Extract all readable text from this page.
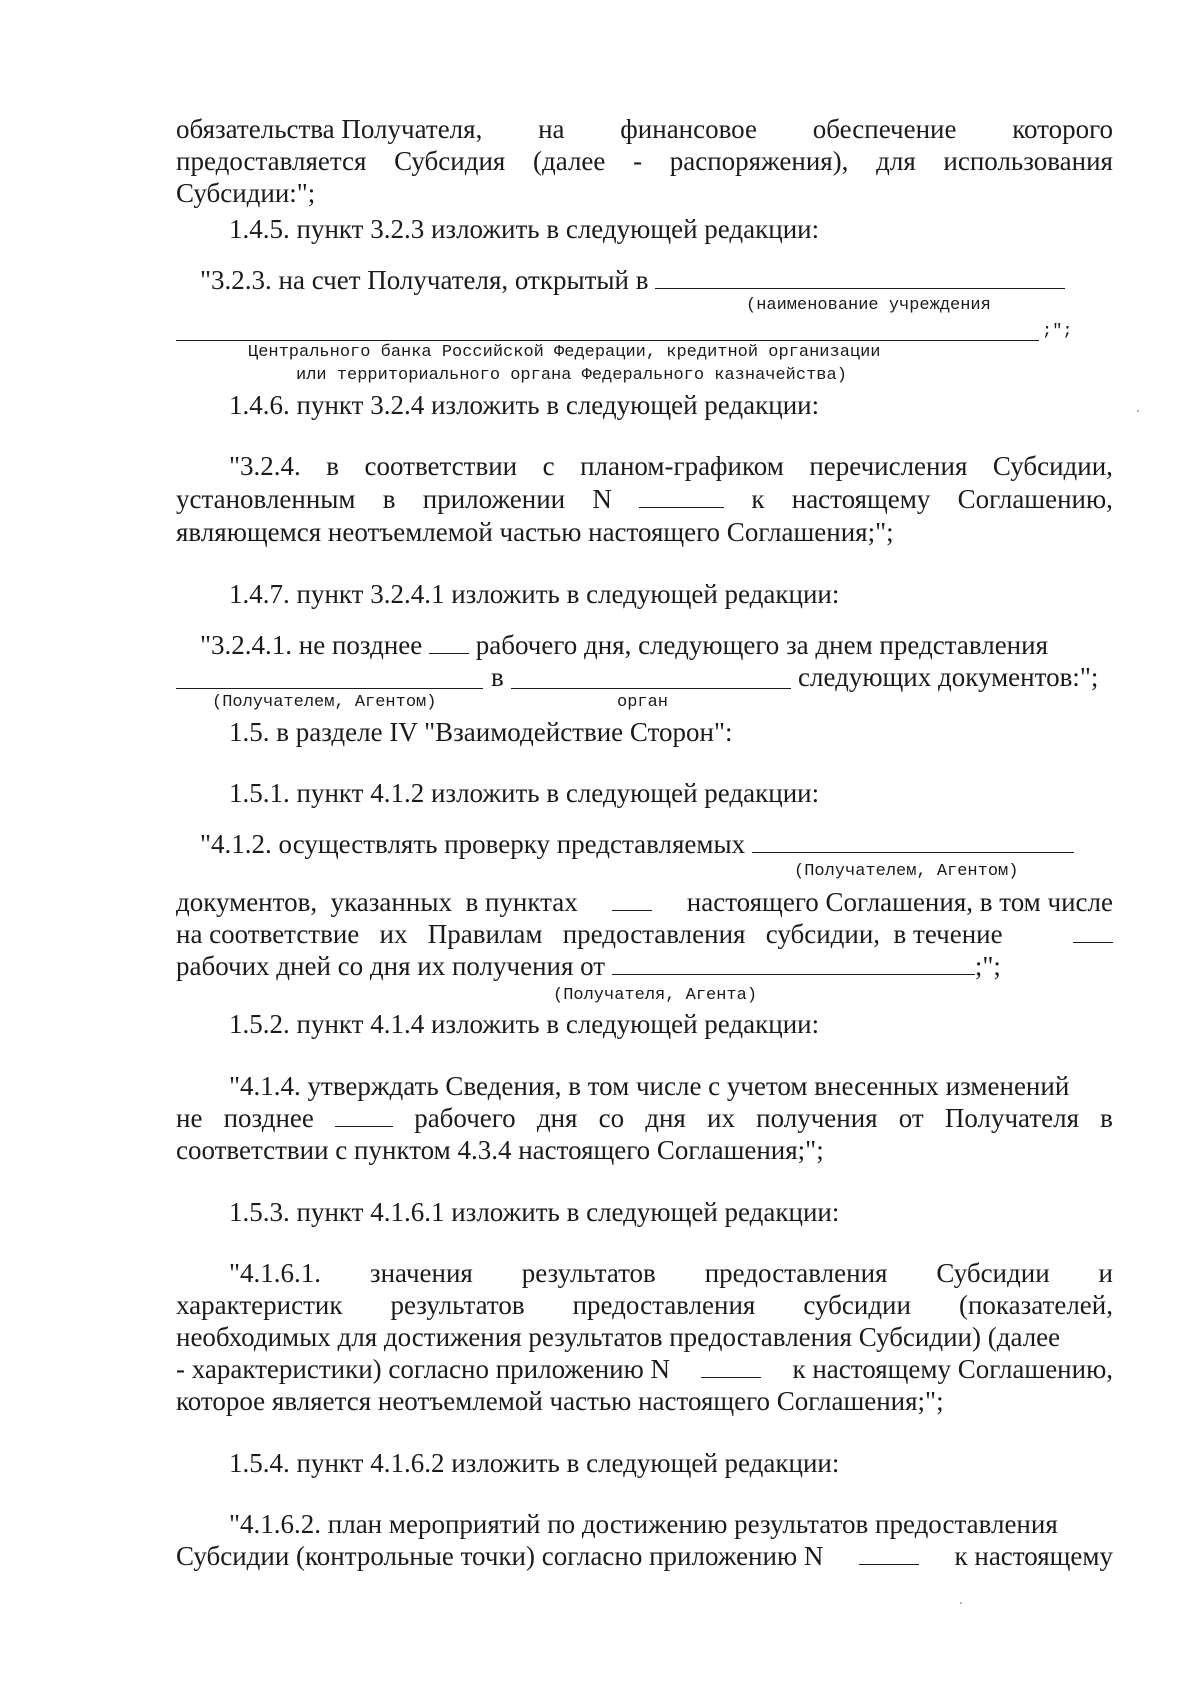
обязательства Получателя, на финансовое обеспечение которого
предоставляется Субсидия (далее - распоряжения), для использования
Субсидии:";
1.4.5. пункт 3.2.3 изложить в следующей редакции:
"3.2.3. на счет Получателя, открытый в
(наименование учреждения
;";
Центрального банка Российской Федерации, кредитной организации
или территориального органа Федерального казначейства)
1.4.6. пункт 3.2.4 изложить в следующей редакции:
"3.2.4. в соответствии с планом-графиком перечисления Субсидии,
установленным в приложении N	к настоящему Соглашению,
являющемся неотъемлемой частью настоящего Соглашения;";
1.4.7. пункт 3.2.4.1 изложить в следующей редакции:
"3.2.4.1. не позднее рабочего дня, следующего за днем представления
в	следующих документов:";
(Получателем, Агентом)	орган
1.5. в разделе IV "Взаимодействие Сторон":
1.5.1. пункт 4.1.2 изложить в следующей редакции:
"4.1.2. осуществлять проверку представляемых
(Получателем, Агентом)
документов,  указанных  в пунктах	настоящего Соглашения, в том числе
на соответствие   их   Правилам   предоставления   субсидии,  в течение
рабочих дней со дня их получения от	;";
(Получателя, Агента)
1.5.2. пункт 4.1.4 изложить в следующей редакции:
"4.1.4. утверждать Сведения, в том числе с учетом внесенных изменений
не позднее	рабочего дня со дня их получения от Получателя в
соответствии с пунктом 4.3.4 настоящего Соглашения;";
1.5.3. пункт 4.1.6.1 изложить в следующей редакции:
"4.1.6.1. значения результатов предоставления Субсидии и
характеристик результатов предоставления субсидии (показателей,
необходимых для достижения результатов предоставления Субсидии) (далее
- характеристики) согласно приложению N	к настоящему Соглашению,
которое является неотъемлемой частью настоящего Соглашения;";
1.5.4. пункт 4.1.6.2 изложить в следующей редакции:
"4.1.6.2. план мероприятий по достижению результатов предоставления
Субсидии (контрольные точки) согласно приложению N	к настоящему
